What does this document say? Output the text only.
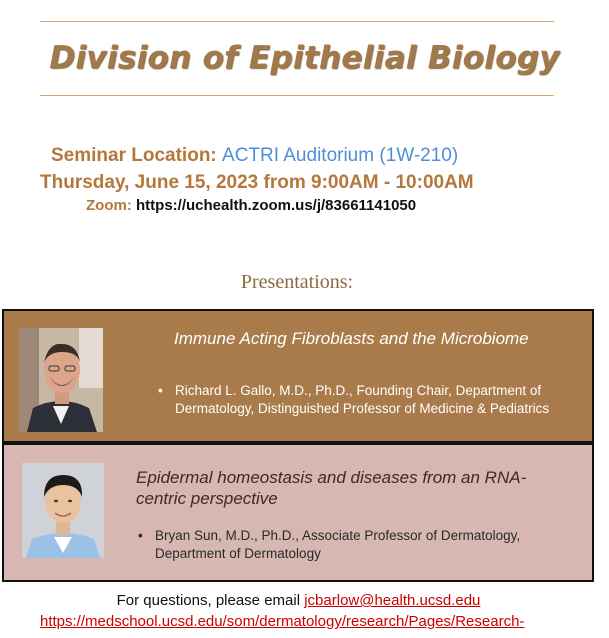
Division of Epithelial Biology
Seminar Location: ACTRI Auditorium (1W-210)
Thursday, June 15, 2023 from 9:00AM - 10:00AM
Zoom: https://uchealth.zoom.us/j/83661141050
Presentations:
Immune Acting Fibroblasts and the Microbiome
• Richard L. Gallo, M.D., Ph.D., Founding Chair, Department of Dermatology, Distinguished Professor of Medicine & Pediatrics
Epidermal homeostasis and diseases from an RNA-centric perspective
• Bryan Sun, M.D., Ph.D., Associate Professor of Dermatology, Department of Dermatology
For questions, please email jcbarlow@health.ucsd.edu
https://medschool.ucsd.edu/som/dermatology/research/Pages/Research-
